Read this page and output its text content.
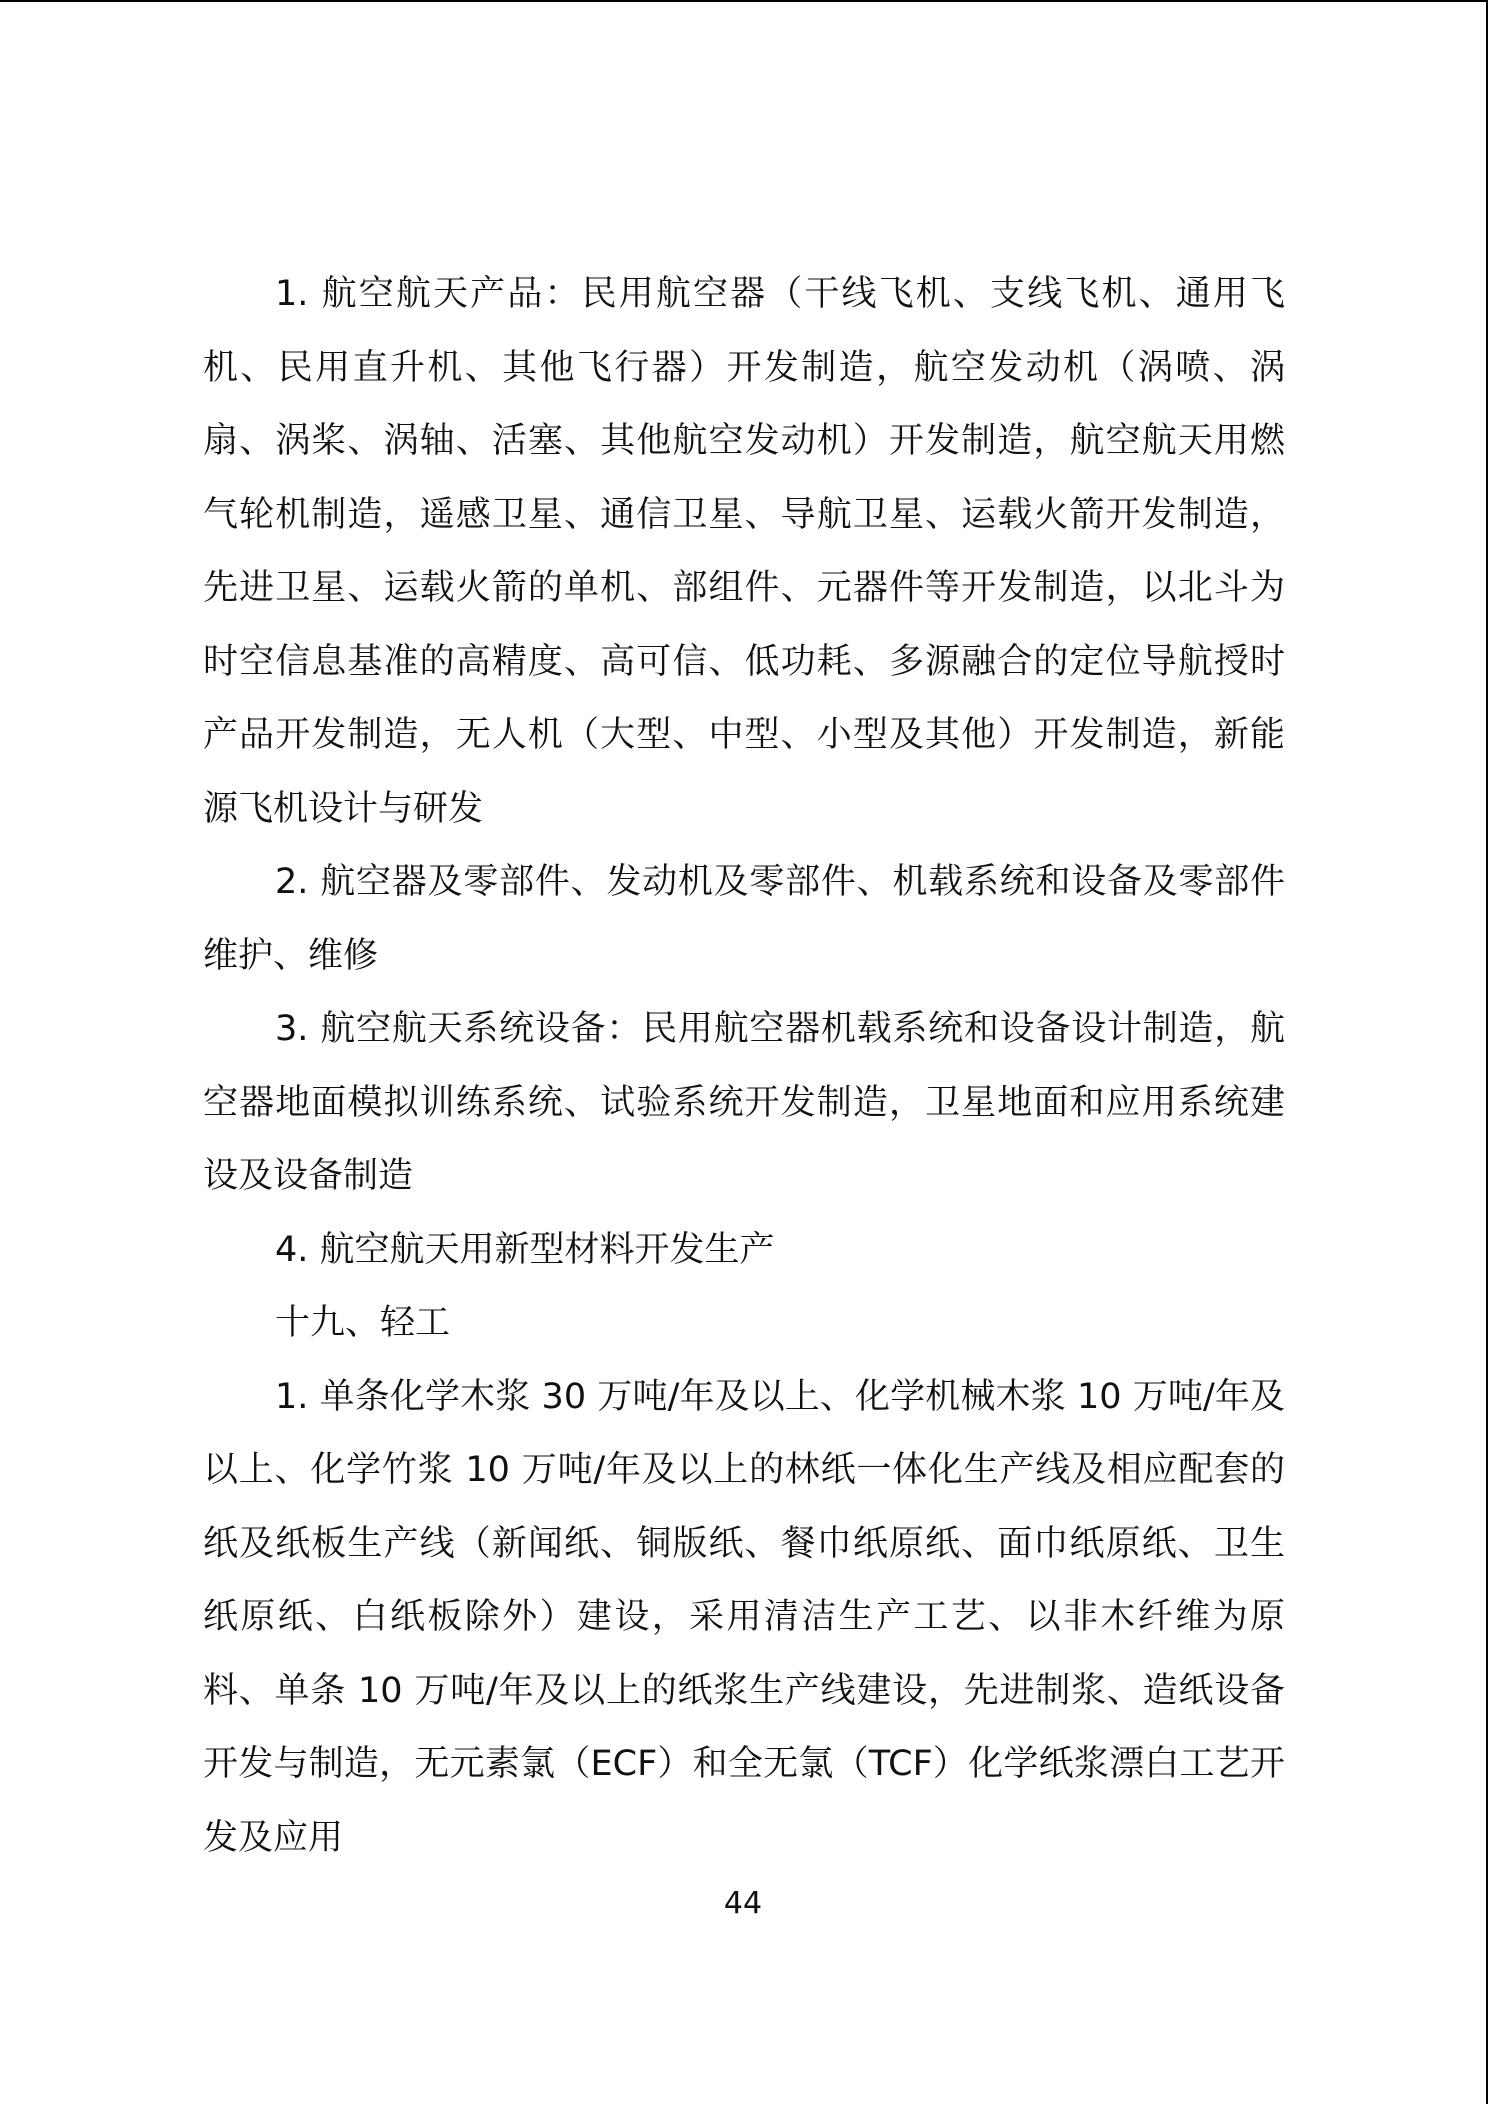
1. 航空航天产品：民用航空器（干线飞机、支线飞机、通用飞机、民用直升机、其他飞行器）开发制造，航空发动机（涡喷、涡扇、涡桨、涡轴、活塞、其他航空发动机）开发制造，航空航天用燃气轮机制造，遥感卫星、通信卫星、导航卫星、运载火箭开发制造，先进卫星、运载火箭的单机、部组件、元器件等开发制造，以北斗为时空信息基准的高精度、高可信、低功耗、多源融合的定位导航授时产品开发制造，无人机（大型、中型、小型及其他）开发制造，新能源飞机设计与研发

2. 航空器及零部件、发动机及零部件、机载系统和设备及零部件维护、维修

3. 航空航天系统设备：民用航空器机载系统和设备设计制造，航空器地面模拟训练系统、试验系统开发制造，卫星地面和应用系统建设及设备制造

4. 航空航天用新型材料开发生产

十九、轻工

1. 单条化学木浆 30 万吨/年及以上、化学机械木浆 10 万吨/年及以上、化学竹浆 10 万吨/年及以上的林纸一体化生产线及相应配套的纸及纸板生产线（新闻纸、铜版纸、餐巾纸原纸、面巾纸原纸、卫生纸原纸、白纸板除外）建设，采用清洁生产工艺、以非木纤维为原料、单条 10 万吨/年及以上的纸浆生产线建设，先进制浆、造纸设备开发与制造，无元素氯（ECF）和全无氯（TCF）化学纸浆漂白工艺开发及应用

44
